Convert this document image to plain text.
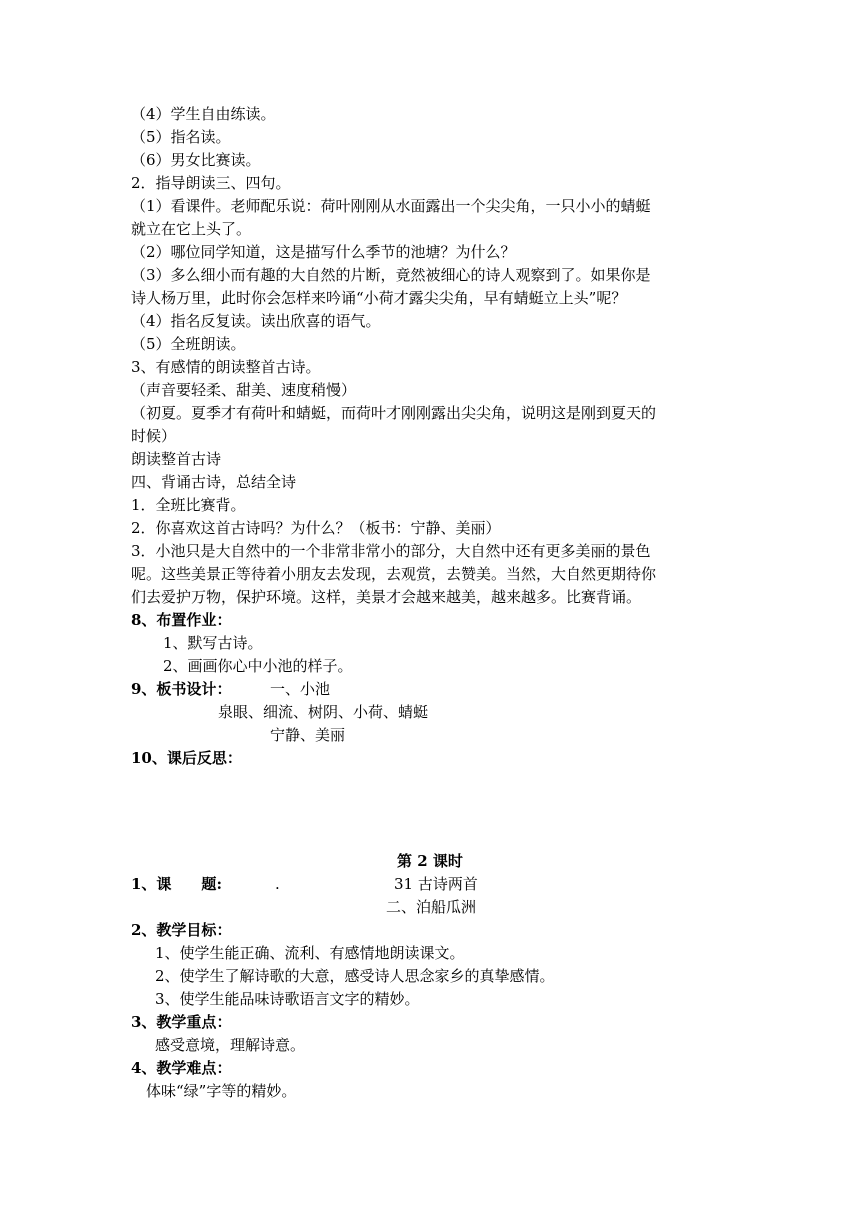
（4）学生自由练读。
（5）指名读。
（6）男女比赛读。
2．指导朗读三、四句。
（1）看课件。老师配乐说：荷叶刚刚从水面露出一个尖尖角，一只小小的蜻蜓
就立在它上头了。
（2）哪位同学知道，这是描写什么季节的池塘？为什么？
（3）多么细小而有趣的大自然的片断，竟然被细心的诗人观察到了。如果你是
诗人杨万里，此时你会怎样来吟诵“小荷才露尖尖角，早有蜻蜓立上头”呢？
（4）指名反复读。读出欣喜的语气。
（5）全班朗读。
3、有感情的朗读整首古诗。
（声音要轻柔、甜美、速度稍慢）
（初夏。夏季才有荷叶和蜻蜓，而荷叶才刚刚露出尖尖角，说明这是刚到夏天的
时候）
朗读整首古诗
四、背诵古诗，总结全诗
1．全班比赛背。
2．你喜欢这首古诗吗？为什么？（板书：宁静、美丽）
3．小池只是大自然中的一个非常非常小的部分，大自然中还有更多美丽的景色
呢。这些美景正等待着小朋友去发现，去观赏，去赞美。当然，大自然更期待你
们去爱护万物，保护环境。这样，美景才会越来越美，越来越多。比赛背诵。
8、布置作业：
1、默写古诗。
2、画画你心中小池的样子。
9、板书设计：	一、小池
泉眼、细流、树阴、小荷、蜻蜓
宁静、美丽
10、课后反思：
第 2 课时
1、课　　题:	.	31 古诗两首
二、泊船瓜洲
2、教学目标：
1、使学生能正确、流利、有感情地朗读课文。
2、使学生了解诗歌的大意，感受诗人思念家乡的真挚感情。
3、使学生能品味诗歌语言文字的精妙。
3、教学重点：
感受意境，理解诗意。
4、教学难点：
体味“绿”字等的精妙。
